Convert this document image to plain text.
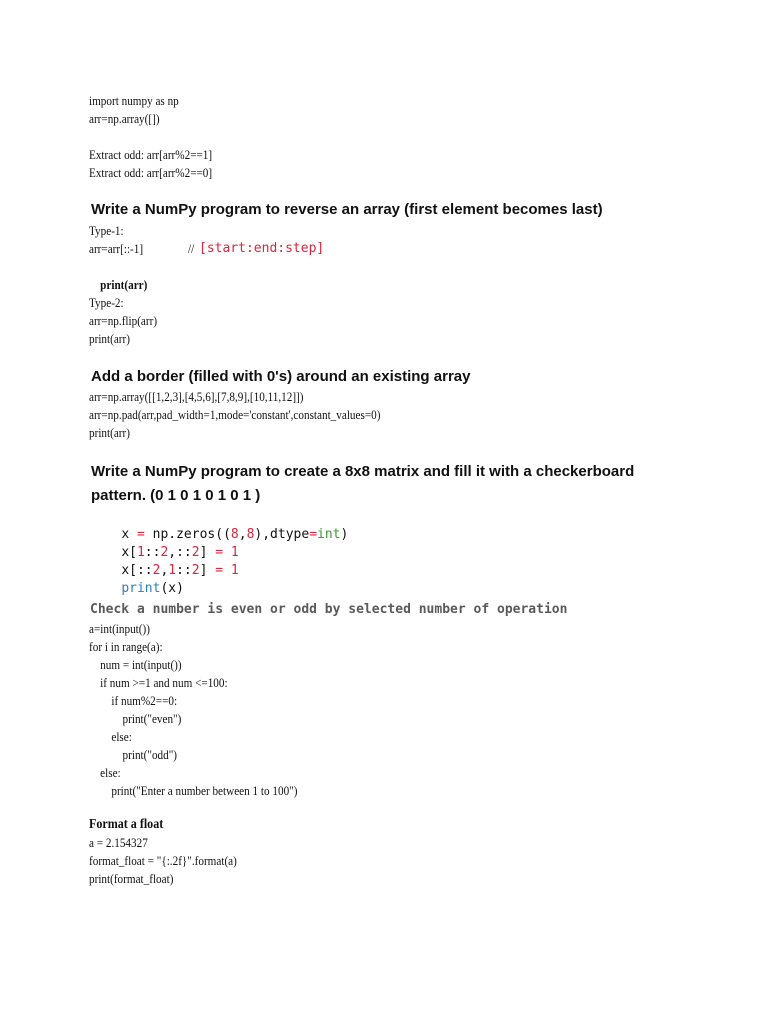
import numpy as np
arr=np.array([])
Extract odd: arr[arr%2==1]
Extract odd: arr[arr%2==0]
Write a NumPy program to reverse an array (first element becomes last)
Type-1:
arr=arr[::-1]	// [start:end:step]

print(arr)

Type-2:
arr=np.flip(arr)
print(arr)
Add a border (filled with 0's) around an existing array
arr=np.array([[1,2,3],[4,5,6],[7,8,9],[10,11,12]])
arr=np.pad(arr,pad_width=1,mode='constant',constant_values=0)
print(arr)
Write a NumPy program to create a 8x8 matrix and fill it with a checkerboard
pattern. (0 1 0 1 0 1 0 1 )

x = np.zeros((8,8),dtype=int)

x[1::2,::2] = 1

x[::2,1::2] = 1

print(x)

Check a number is even or odd by selected number of operation
a=int(input())
for i in range(a):
num = int(input())
if num >=1 and num <=100:
if num%2==0:
print("even")
else:
print("odd")
else:
print("Enter a number between 1 to 100")
Format a float
a = 2.154327
format_float = "{:.2f}".format(a)
print(format_float)
